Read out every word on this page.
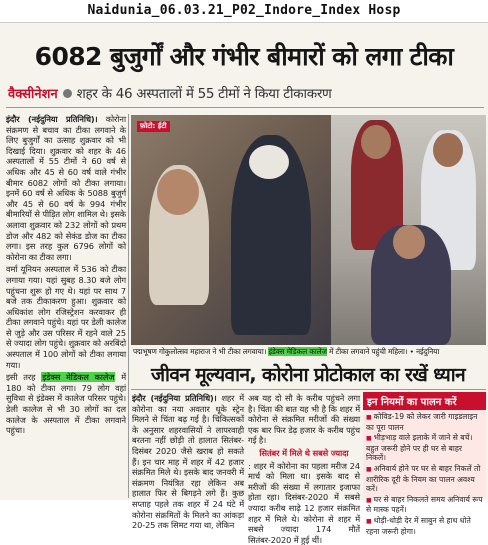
Naidunia_06.03.21_P02_Indore_Index Hosp
6082 बुजुर्गों और गंभीर बीमारों को लगा टीका
वैक्सीनेशन शहर के 46 अस्पतालों में 55 टीमों ने किया टीकाकरण

इंदौर (नईदुनिया प्रतिनिधि)। कोरोना संक्रमण से बचाव का टीका लगवाने के लिए बुजुर्गों का उत्साह शुक्रवार को भी दिखाई दिया। शुक्रवार को शहर के 46 अस्पतालों में 55 टीमों ने 60 वर्ष से अधिक और 45 से 60 वर्ष वाले गंभीर बीमार 6082 लोगों को टीका लगाया। इनमें 60 वर्ष से अधिक के 5088 बुजुर्ग और 45 से 60 वर्ष के 994 गंभीर बीमारियों से पीड़ित लोग शामिल थे। इसके अलावा शुक्रवार को 232 लोगों को प्रथम डोज और 482 को सेकंड डोज का टीका लगा। इस तरह कुल 6796 लोगों को कोरोना का टीका लगा।

वर्मा यूनियन अस्पताल में 536 को टीका लगाया गया। यहां सुबह 8.30 बजे लोग पहुंचना शुरू हो गए थे। यहां पर साथ 7 बजे तक टीकाकरण हुआ। शुक्रवार को अधिकांश लोग रजिस्ट्रेशन करवाकर ही टीका लगवाने पहुंचे। यहां पर डेली कालेज से जुड़े और उस परिसर में रहने वाले 25 से ज्यादा लोग पहुंचे। शुक्रवार को अरबिंदो अस्पताल में 100 लोगों को टीका लगाया गया।

इसी तरह इंडेक्स मेडिकल कालेज में 180 को टीका लगा। 79 लोग वहां सुविधा से इंडेक्स में कालेज परिसर पहुंचे। डेली कालेज से भी 30 लोगों का दल कालेज के अस्पताल में टीका लगवाने पहुंचा।

फ़ोटो: ईटी
पद्मभूषण गोकुलोत्सव महाराज ने भी टीका लगवाया। इंडेक्स मेडिकल कालेज में टीका लगवाने पहुंची महिला। • नईदुनिया
जीवन मूल्यवान, कोरोना प्रोटोकाल का रखें ध्यान

इंदौर (नईदुनिया प्रतिनिधि)। शहर में कोरोना का नया अवतार धूके स्ट्रेन मिलने से चिंता बढ़ गई है। चिकित्सकों के अनुसार शहरवासियों ने लापरवाही बरतना नहीं छोड़ी तो हालात सितंबर-दिसंबर 2020 जैसे खराब हो सकते हैं। इन चार माह में शहर में 42 हजार संक्रमित मिले थे। इसके बाद जनवरी में संक्रमण नियंत्रित रहा लेकिन अब हालात फिर से बिगड़ने लगे हैं। कुछ सप्ताह पहले तक शहर में 24 घंटे में कोरोना संक्रमितों के मिलने का आंकड़ा 20-25 तक सिमट गया था, लेकिन

अब यह दो सौ के करीब पहुंचने लगा है। चिंता की बात यह भी है कि शहर में कोरोना से संक्रमित मरीजों की संख्या एक बार फिर डेढ़ हजार के करीब पहुंच गई है।

सितंबर में मिले थे सबसे ज्यादा

: शहर में कोरोना का पहला मरीज 24 मार्च को मिला था। इसके बाद से मरीजों की संख्या में लगातार इजाफा होता रहा। दिसंबर-2020 में सबसे ज्यादा करीब साढ़े 12 हजार संक्रमित शहर में मिले थे। कोरोना से शहर में सबसे ज्यादा 174 मौतें सितंबर-2020 में हुई थीं।

इन नियमों का पालन करें
■ कोविड-19 को लेकर जारी गाइडलाइन का पूरा पालन
■ भीड़भाड़ वाले इलाके में जाने से बचें। बहुत जरूरी होने पर ही घर से बाहर निकलें।
■ अनिवार्य होने पर घर से बाहर निकलें तो शारीरिक दूरी के नियम का पालन अवश्य करें।
■ घर से बाहर निकलते समय अनिवार्य रूप से मास्क पहनें।
■ थोड़ी-थोड़ी देर में साबुन से हाथ धोते रहना जरूरी होगा।
